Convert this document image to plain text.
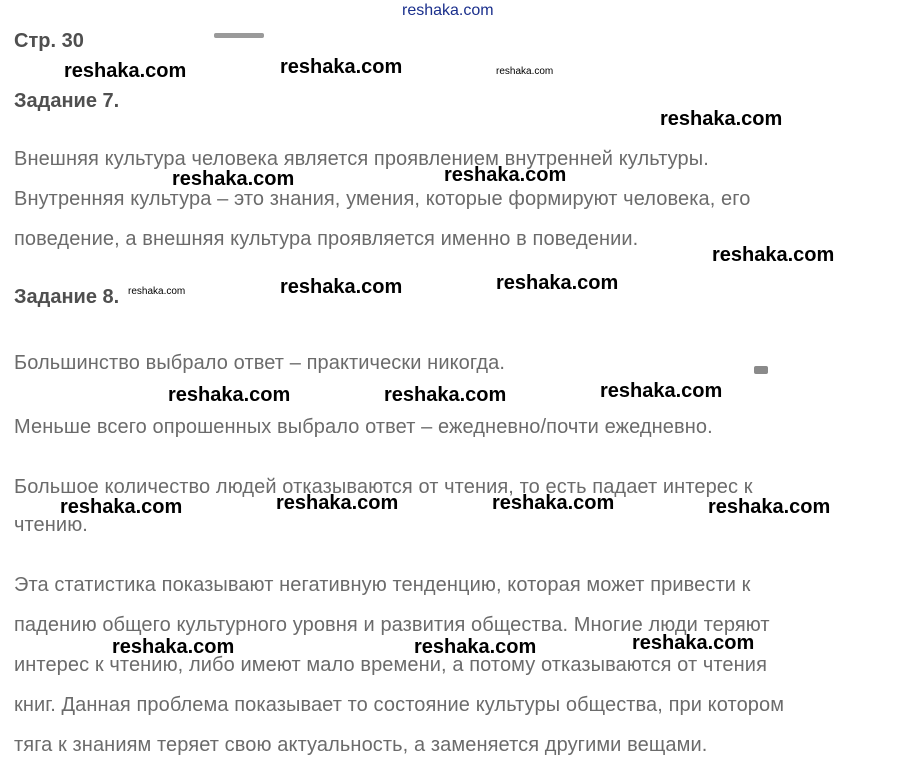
reshaka.com
Стр. 30
reshaka.com	reshaka.com	reshaka.com
Задание 7.
reshaka.com
Внешняя культура человека является проявлением внутренней культуры.
reshaka.com
reshaka.com
Внутренняя культура – это знания, умения, которые формируют человека, его
поведение, а внешняя культура проявляется именно в поведении.
reshaka.com
Задание 8. reshaka.com	reshaka.com	reshaka.com
Большинство выбрало ответ – практически никогда.
reshaka.com
reshaka.com	reshaka.com
Меньше всего опрошенных выбрало ответ – ежедневно/почти ежедневно.
Большое количество людей отказываются от чтения, то есть падает интерес к
reshaka.com	reshaka.com
reshaka.com	reshaka.com
чтению.
Эта статистика показывают негативную тенденцию, которая может привести к
падению общего культурного уровня и развития общества. Многие люди теряют
reshaka.com
reshaka.com	reshaka.com
интерес к чтению, либо имеют мало времени, а потому отказываются от чтения
книг. Данная проблема показывает то состояние культуры общества, при котором
тяга к знаниям теряет свою актуальность, а заменяется другими вещами.
